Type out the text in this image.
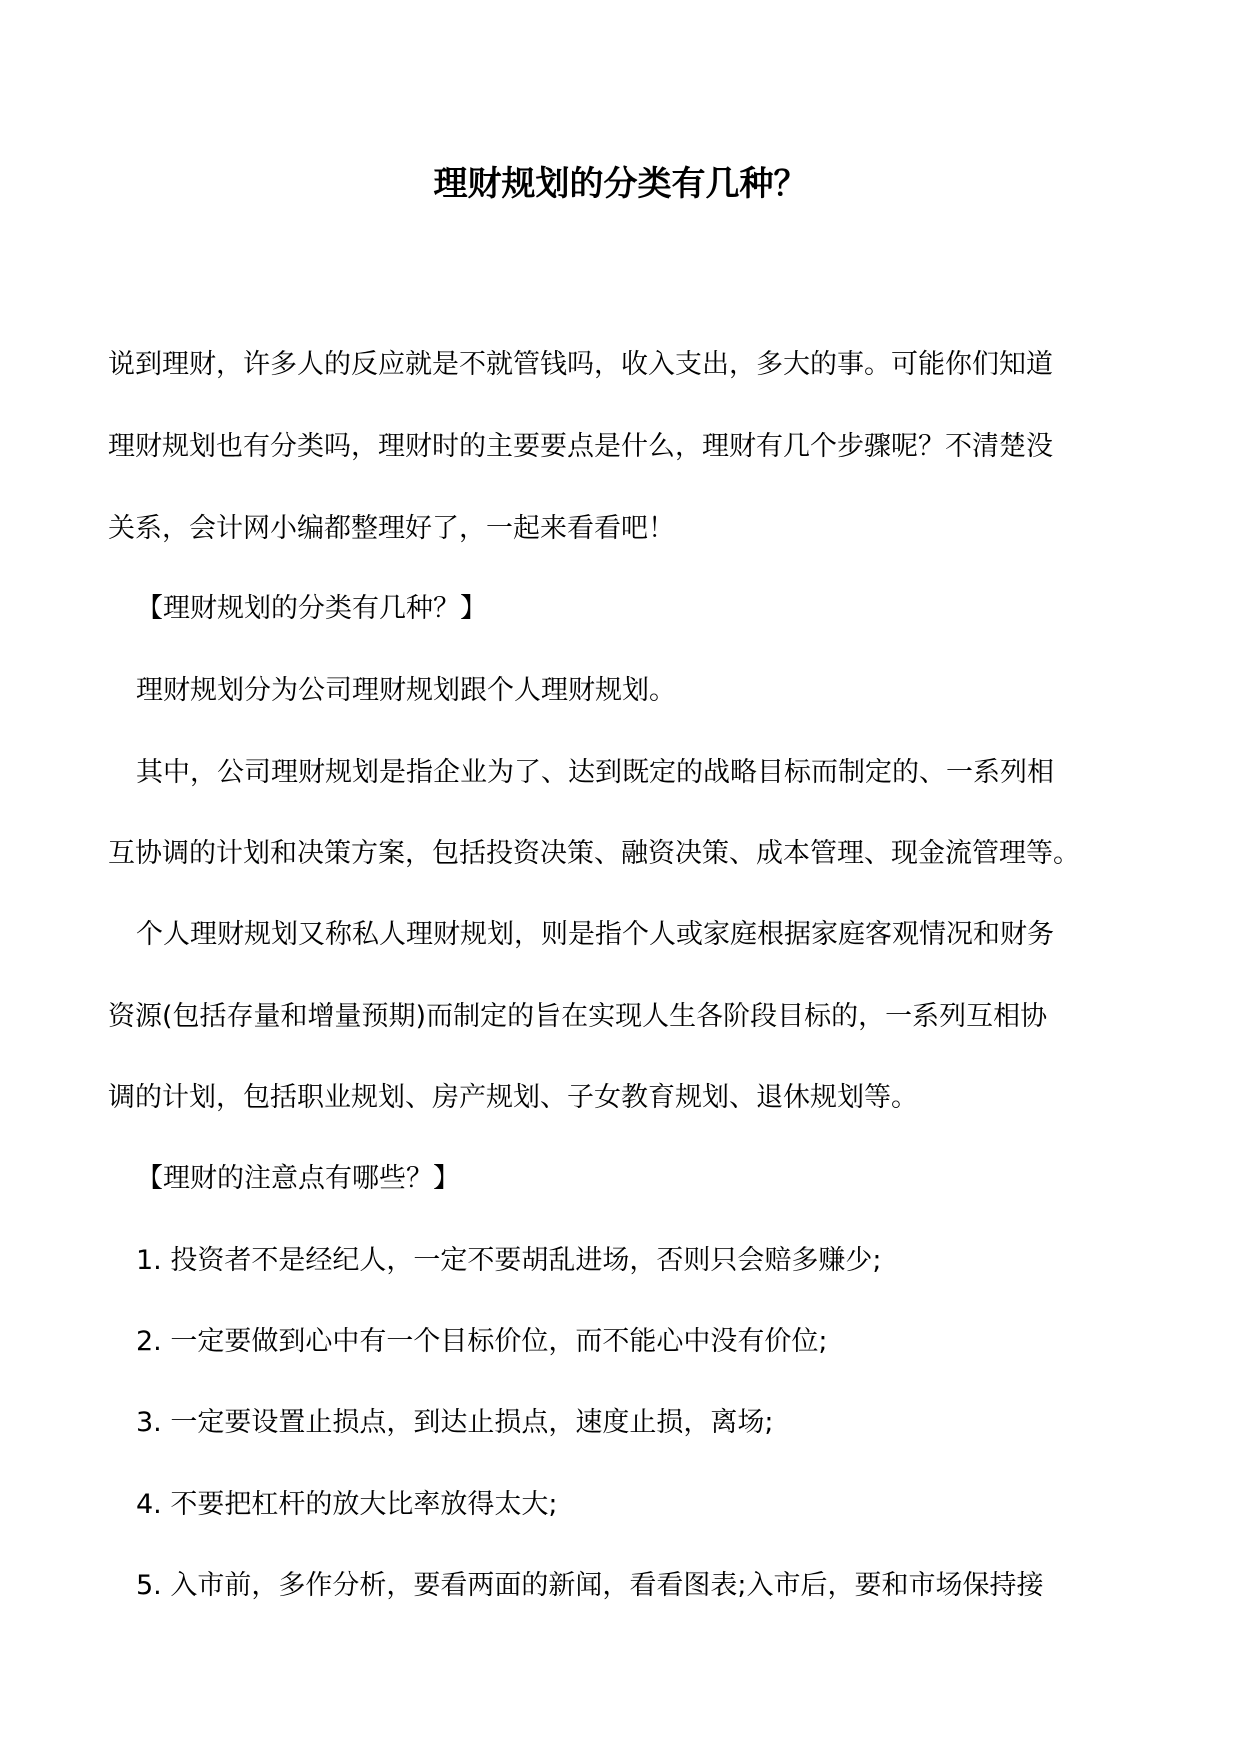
理财规划的分类有几种？

说到理财，许多人的反应就是不就管钱吗，收入支出，多大的事。可能你们知道

理财规划也有分类吗，理财时的主要要点是什么，理财有几个步骤呢？不清楚没

关系，会计网小编都整理好了，一起来看看吧！

【理财规划的分类有几种？】

理财规划分为公司理财规划跟个人理财规划。

其中，公司理财规划是指企业为了、达到既定的战略目标而制定的、一系列相

互协调的计划和决策方案，包括投资决策、融资决策、成本管理、现金流管理等。

个人理财规划又称私人理财规划，则是指个人或家庭根据家庭客观情况和财务

资源(包括存量和增量预期)而制定的旨在实现人生各阶段目标的，一系列互相协

调的计划，包括职业规划、房产规划、子女教育规划、退休规划等。

【理财的注意点有哪些？】

1. 投资者不是经纪人，一定不要胡乱进场，否则只会赔多赚少;

2. 一定要做到心中有一个目标价位，而不能心中没有价位;

3. 一定要设置止损点，到达止损点，速度止损，离场;

4. 不要把杠杆的放大比率放得太大;

5. 入市前，多作分析，要看两面的新闻，看看图表;入市后，要和市场保持接
